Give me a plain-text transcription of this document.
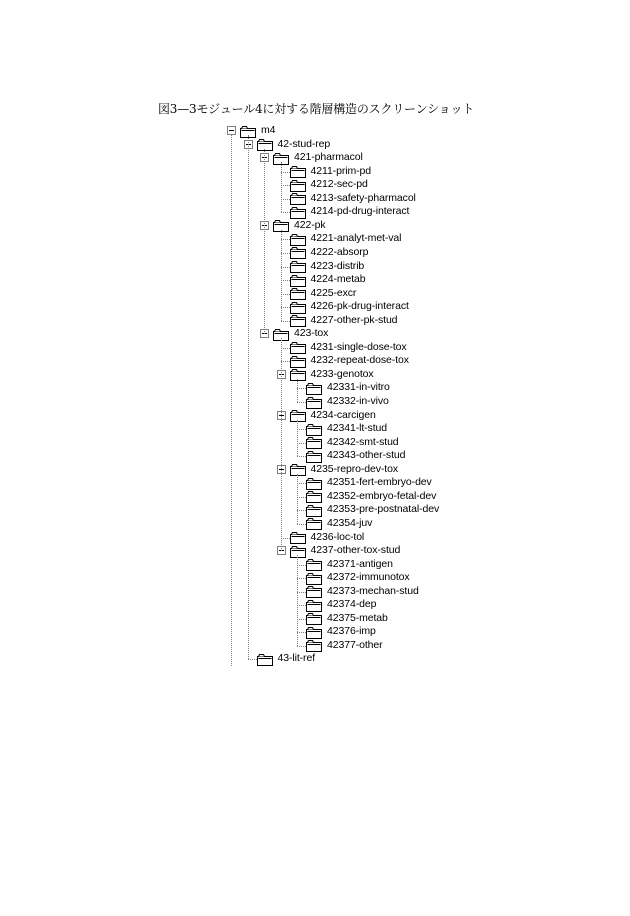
図3—3モジュール4に対する階層構造のスクリーンショット
m4
42-stud-rep
421-pharmacol
4211-prim-pd
4212-sec-pd
4213-safety-pharmacol
4214-pd-drug-interact
422-pk
4221-analyt-met-val
4222-absorp
4223-distrib
4224-metab
4225-excr
4226-pk-drug-interact
4227-other-pk-stud
423-tox
4231-single-dose-tox
4232-repeat-dose-tox
4233-genotox
42331-in-vitro
42332-in-vivo
4234-carcigen
42341-lt-stud
42342-smt-stud
42343-other-stud
4235-repro-dev-tox
42351-fert-embryo-dev
42352-embryo-fetal-dev
42353-pre-postnatal-dev
42354-juv
4236-loc-tol
4237-other-tox-stud
42371-antigen
42372-immunotox
42373-mechan-stud
42374-dep
42375-metab
42376-imp
42377-other
43-lit-ref
